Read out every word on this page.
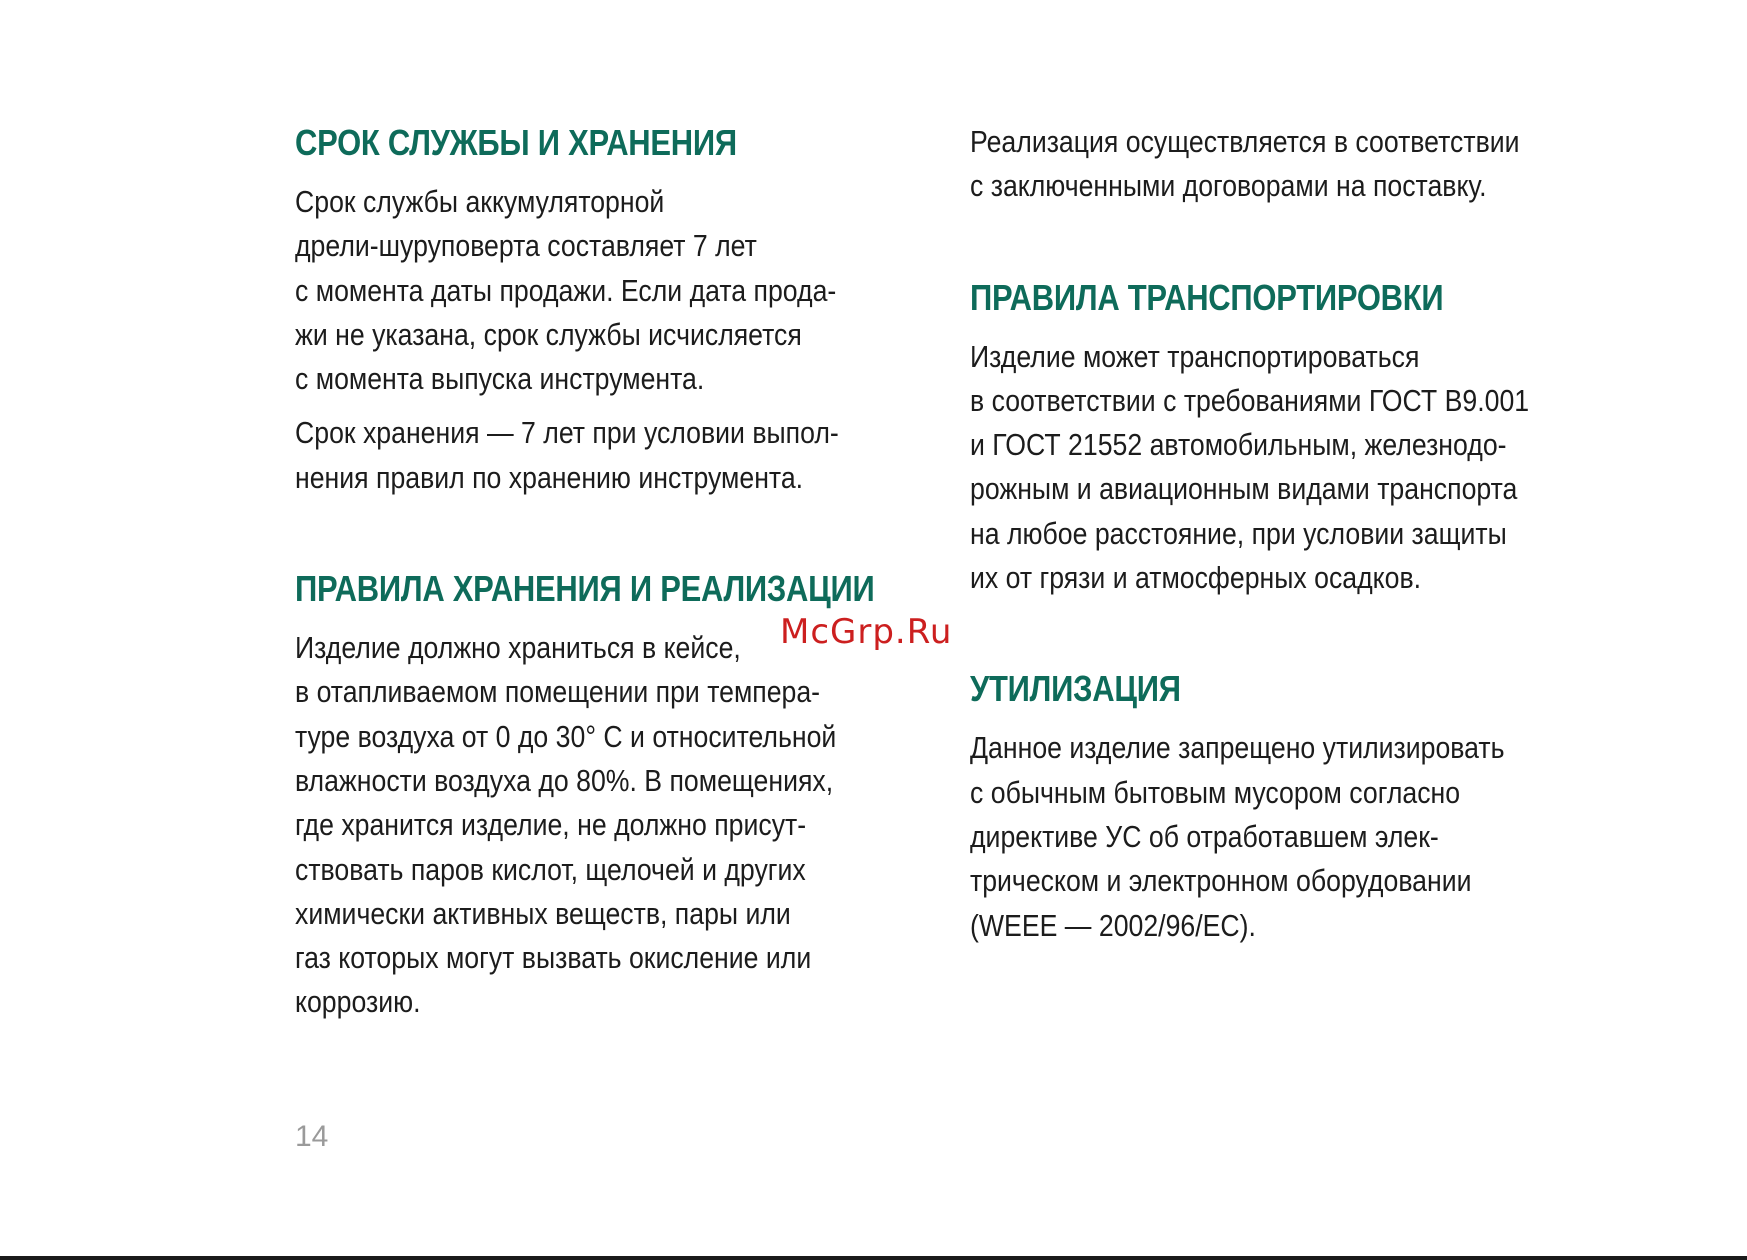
СРОК СЛУЖБЫ И ХРАНЕНИЯ

Срок службы аккумуляторной
дрели-шуруповерта составляет 7 лет
с момента даты продажи. Если дата прода-
жи не указана, срок службы исчисляется
с момента выпуска инструмента.

Срок хранения — 7 лет при условии выпол-
нения правил по хранению инструмента.

ПРАВИЛА ХРАНЕНИЯ И РЕАЛИЗАЦИИ

Изделие должно храниться в кейсе,
в отапливаемом помещении при темпера-
туре воздуха от 0 до 30° С и относительной
влажности воздуха до 80%. В помещениях,
где хранится изделие, не должно присут-
ствовать паров кислот, щелочей и других
химически активных веществ, пары или
газ которых могут вызвать окисление или
коррозию.

Реализация осуществляется в соответствии
с заключенными договорами на поставку.

ПРАВИЛА ТРАНСПОРТИРОВКИ

Изделие может транспортироваться
в соответствии с требованиями ГОСТ В9.001
и ГОСТ 21552 автомобильным, железнодо-
рожным и авиационным видами транспорта
на любое расстояние, при условии защиты
их от грязи и атмосферных осадков.

УТИЛИЗАЦИЯ

Данное изделие запрещено утилизировать
с обычным бытовым мусором согласно
директиве УС об отработавшем элек-
трическом и электронном оборудовании
(WEEE — 2002/96/EC).

McGrp.Ru
14
